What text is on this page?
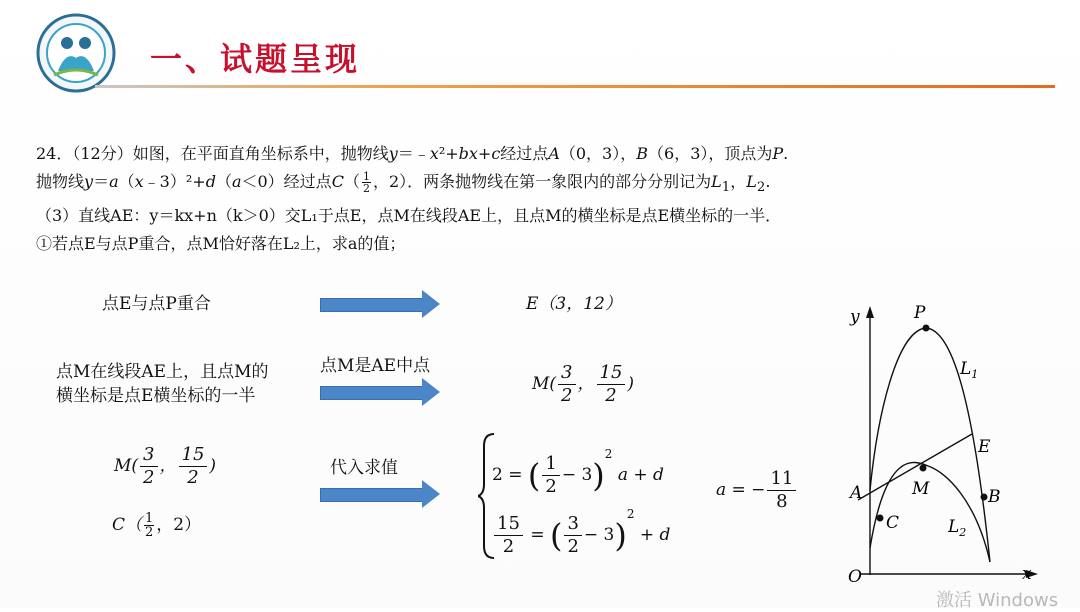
一、试题呈现
24．（12分）如图，在平面直角坐标系中，抛物线y＝﹣x²+bx+c经过点A（0，3），B（6，3），顶点为P.
抛物线y＝a（x﹣3）²+d（a＜0）经过点$C( \frac{1}{2}$ ，2）．两条抛物线在第一象限内的部分分别记为$L_1$，$L_2$.
（3）直线AE：y＝kx+n（k＞0）交L₁于点E，点M在线段AE上，且点M的横坐标是点E横坐标的一半．
①若点E与点P重合，点M恰好落在L₂上，求a的值；
点E与点P重合	E（3，12）
点M在线段AE上，且点M的
横坐标是点E横坐标的一半
点M是AE中点
$M( \frac{3}{2}$ ， $\frac{15}{2}$ )
$M( \frac{3}{2}$ ， $\frac{15}{2}$ )
$C( \frac{1}{2}$ ，2）
代入求值	2 = ( $\frac{1}{2} - 3)^2$ a + d
$\frac{15}{2}$ = ( $\frac{3}{2} - 3)^2 + d$
a = − $\frac{11}{8}$
y
x
O
P
$L_1$
E
A	M	B
C	$L_2$
激活 Windows
